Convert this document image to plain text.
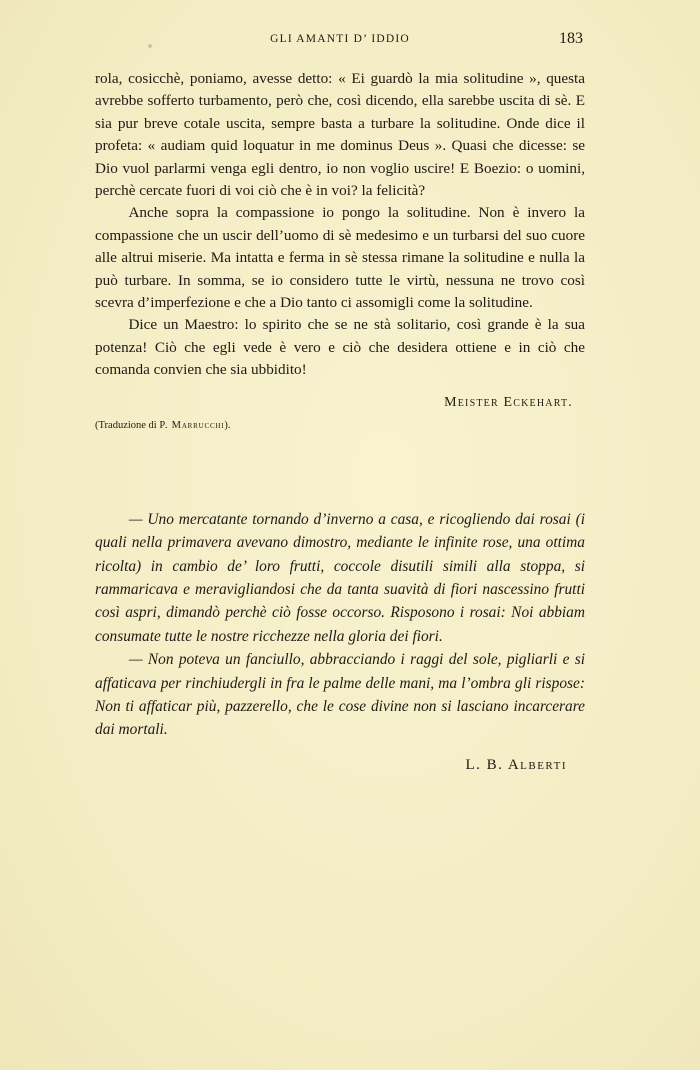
GLI AMANTI D’ IDDIO	183

rola, cosicchè, poniamo, avesse detto: « Ei guardò la mia solitudine », questa avrebbe sofferto turbamento, però che, così dicendo, ella sarebbe uscita di sè. E sia pur breve cotale uscita, sempre basta a turbare la solitudine. Onde dice il profeta: « audiam quid loquatur in me dominus Deus ». Quasi che dicesse: se Dio vuol parlarmi venga egli dentro, io non voglio uscire! E Boezio: o uomini, perchè cercate fuori di voi ciò che è in voi? la felicità?

Anche sopra la compassione io pongo la solitudine. Non è invero la compassione che un uscir dell’uomo di sè medesimo e un turbarsi del suo cuore alle altrui miserie. Ma intatta e ferma in sè stessa rimane la solitudine e nulla la può turbare. In somma, se io considero tutte le virtù, nessuna ne trovo così scevra d’imperfezione e che a Dio tanto ci assomigli come la solitudine.

Dice un Maestro: lo spirito che se ne stà solitario, così grande è la sua potenza! Ciò che egli vede è vero e ciò che desidera ottiene e in ciò che comanda convien che sia ubbidito!

Meister Eckehart.
(Traduzione di P. Marrucchi).

— Uno mercatante tornando d’inverno a casa, e ricogliendo dai rosai (i quali nella primavera avevano dimostro, mediante le infinite rose, una ottima ricolta) in cambio de’ loro frutti, coccole disutili simili alla stoppa, si rammaricava e meravigliandosi che da tanta suavità di fiori nascessino frutti così aspri, dimandò perchè ciò fosse occorso. Risposono i rosai: Noi abbiam consumate tutte le nostre ricchezze nella gloria dei fiori.

— Non poteva un fanciullo, abbracciando i raggi del sole, pigliarli e si affaticava per rinchiudergli in fra le palme delle mani, ma l’ombra gli rispose: Non ti affaticar più, pazzerello, che le cose divine non si lasciano incarcerare dai mortali.

L. B. Alberti
